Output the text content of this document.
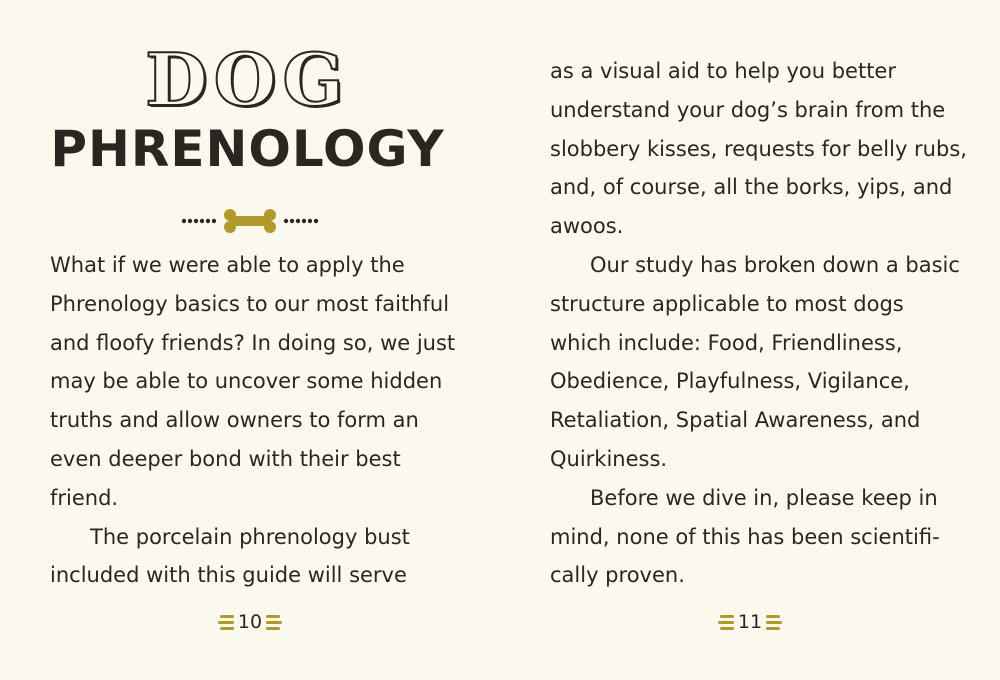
DOG
PHRENOLOGY

What if we were able to apply the Phrenology basics to our most faithful and floofy friends? In doing so, we just may be able to uncover some hidden truths and allow owners to form an even deeper bond with their best friend.

The porcelain phrenology bust included with this guide will serve

10

as a visual aid to help you better understand your dog’s brain from the slobbery kisses, requests for belly rubs, and, of course, all the borks, yips, and awoos.

Our study has broken down a basic structure applicable to most dogs which include: Food, Friendliness, Obedience, Playfulness, Vigilance, Retaliation, Spatial Awareness, and Quirkiness.

Before we dive in, please keep in mind, none of this has been scientifically proven.

11
